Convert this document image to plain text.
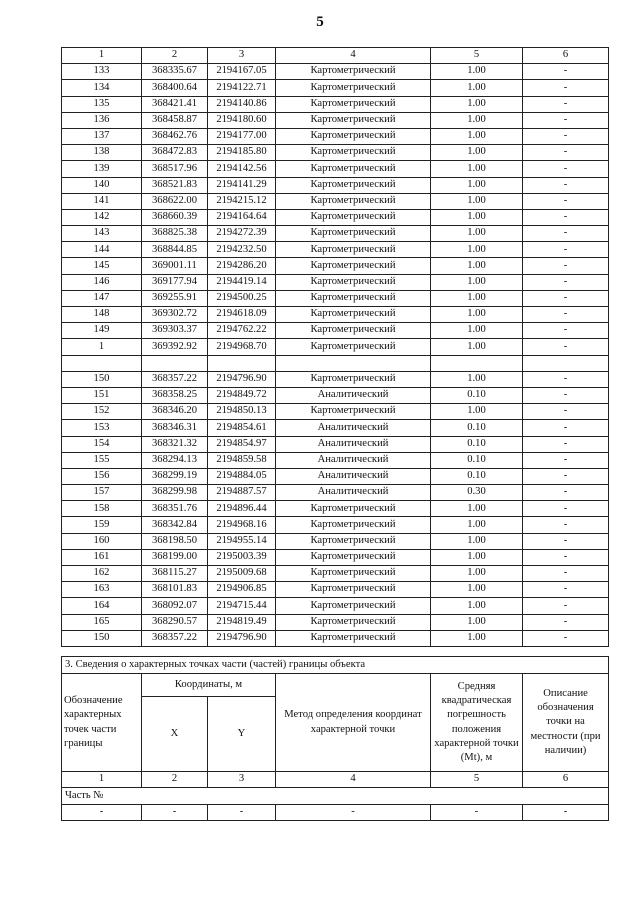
5
1	2	3	4	5	6
133	368335.67	2194167.05	Картометрический	1.00	-
134	368400.64	2194122.71	Картометрический	1.00	-
135	368421.41	2194140.86	Картометрический	1.00	-
136	368458.87	2194180.60	Картометрический	1.00	-
137	368462.76	2194177.00	Картометрический	1.00	-
138	368472.83	2194185.80	Картометрический	1.00	-
139	368517.96	2194142.56	Картометрический	1.00	-
140	368521.83	2194141.29	Картометрический	1.00	-
141	368622.00	2194215.12	Картометрический	1.00	-
142	368660.39	2194164.64	Картометрический	1.00	-
143	368825.38	2194272.39	Картометрический	1.00	-
144	368844.85	2194232.50	Картометрический	1.00	-
145	369001.11	2194286.20	Картометрический	1.00	-
146	369177.94	2194419.14	Картометрический	1.00	-
147	369255.91	2194500.25	Картометрический	1.00	-
148	369302.72	2194618.09	Картометрический	1.00	-
149	369303.37	2194762.22	Картометрический	1.00	-
1	369392.92	2194968.70	Картометрический	1.00	-

150	368357.22	2194796.90	Картометрический	1.00	-
151	368358.25	2194849.72	Аналитический	0.10	-
152	368346.20	2194850.13	Картометрический	1.00	-
153	368346.31	2194854.61	Аналитический	0.10	-
154	368321.32	2194854.97	Аналитический	0.10	-
155	368294.13	2194859.58	Аналитический	0.10	-
156	368299.19	2194884.05	Аналитический	0.10	-
157	368299.98	2194887.57	Аналитический	0.30	-
158	368351.76	2194896.44	Картометрический	1.00	-
159	368342.84	2194968.16	Картометрический	1.00	-
160	368198.50	2194955.14	Картометрический	1.00	-
161	368199.00	2195003.39	Картометрический	1.00	-
162	368115.27	2195009.68	Картометрический	1.00	-
163	368101.83	2194906.85	Картометрический	1.00	-
164	368092.07	2194715.44	Картометрический	1.00	-
165	368290.57	2194819.49	Картометрический	1.00	-
150	368357.22	2194796.90	Картометрический	1.00	-
3. Сведения о характерных точках части (частей) границы объекта					
Обозначение характерных точек части границы	Координаты, м		Метод определения координат характерной точки	Средняя квадратическая погрешность положения характерной точки (Mt), м	Описание обозначения точки на местности (при наличии)
	X	Y			
1	2	3	4	5	6
Часть №					
-	-	-	-	-	-
